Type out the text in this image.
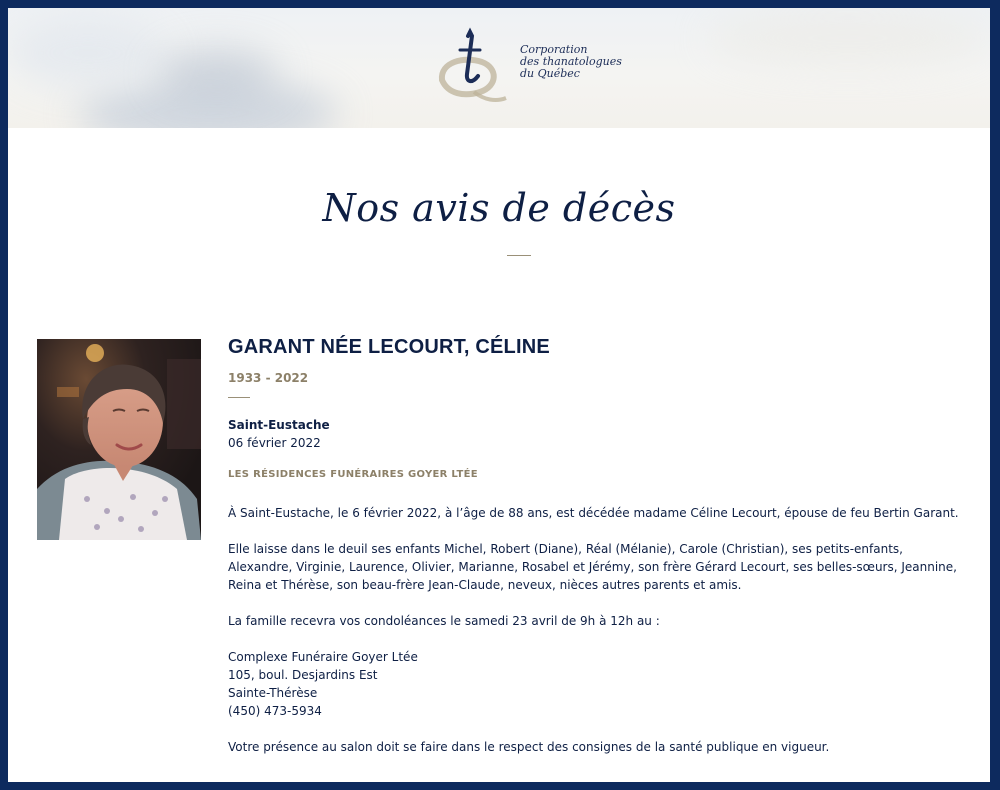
Corporation
des thanatologues
du Québec

Nos avis de décès
GARANT NÉE LECOURT, CÉLINE
1933 - 2022
Saint-Eustache
06 février 2022
LES RÉSIDENCES FUNÉRAIRES GOYER LTÉE

À Saint-Eustache, le 6 février 2022, à l’âge de 88 ans, est décédée madame Céline Lecourt, épouse de feu Bertin Garant.

Elle laisse dans le deuil ses enfants Michel, Robert (Diane), Réal (Mélanie), Carole (Christian), ses petits-enfants, Alexandre, Virginie, Laurence, Olivier, Marianne, Rosabel et Jérémy, son frère Gérard Lecourt, ses belles-sœurs, Jeannine, Reina et Thérèse, son beau-frère Jean-Claude, neveux, nièces autres parents et amis.

La famille recevra vos condoléances le samedi 23 avril de 9h à 12h au :

Complexe Funéraire Goyer Ltée
105, boul. Desjardins Est
Sainte-Thérèse
(450) 473-5934

Votre présence au salon doit se faire dans le respect des consignes de la santé publique en vigueur.
